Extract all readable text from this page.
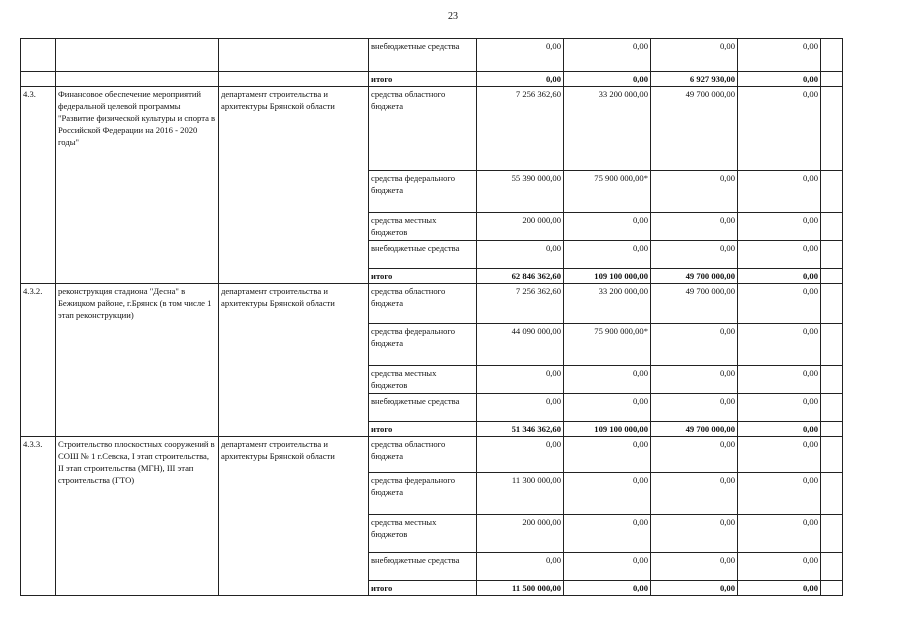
23
			внебюджетные средства	0,00	0,00	0,00	0,00	
			итого	0,00	0,00	6 927 930,00	0,00	
4.3.	Финансовое обеспечение мероприятий федеральной целевой программы "Развитие физической культуры и спорта в Российской Федерации на 2016 - 2020 годы"	департамент строительства и архитектуры Брянской области	средства областного бюджета	7 256 362,60	33 200 000,00	49 700 000,00	0,00	
			средства федерального бюджета	55 390 000,00	75 900 000,00*	0,00	0,00	
			средства местных бюджетов	200 000,00	0,00	0,00	0,00	
			внебюджетные средства	0,00	0,00	0,00	0,00	
			итого	62 846 362,60	109 100 000,00	49 700 000,00	0,00	
4.3.2.	реконструкция стадиона "Десна" в Бежицком районе, г.Брянск (в том числе 1 этап реконструкции)	департамент строительства и архитектуры Брянской области	средства областного бюджета	7 256 362,60	33 200 000,00	49 700 000,00	0,00	
			средства федерального бюджета	44 090 000,00	75 900 000,00*	0,00	0,00	
			средства местных бюджетов	0,00	0,00	0,00	0,00	
			внебюджетные средства	0,00	0,00	0,00	0,00	
			итого	51 346 362,60	109 100 000,00	49 700 000,00	0,00	
4.3.3.	Строительство плоскостных сооружений в СОШ № 1 г.Севска, I этап строительства, II этап строительства (МГН), III этап строительства (ГТО)	департамент строительства и архитектуры Брянской области	средства областного бюджета	0,00	0,00	0,00	0,00	
			средства федерального бюджета	11 300 000,00	0,00	0,00	0,00	
			средства местных бюджетов	200 000,00	0,00	0,00	0,00	
			внебюджетные средства	0,00	0,00	0,00	0,00	
			итого	11 500 000,00	0,00	0,00	0,00	
